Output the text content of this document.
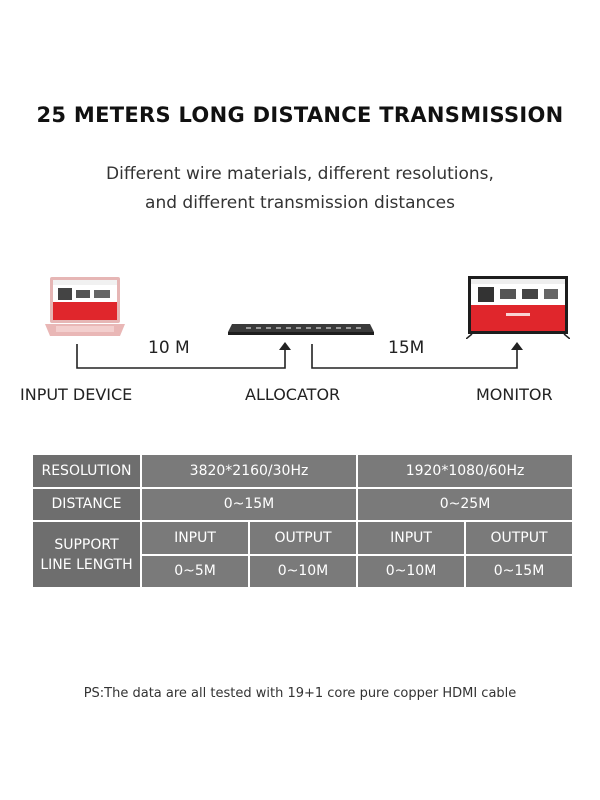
25 METERS LONG DISTANCE TRANSMISSION
Different wire materials, different resolutions,
and different transmission distances
10 M	15M
INPUT DEVICE	ALLOCATOR	MONITOR
RESOLUTION	3820*2160/30Hz		1920*1080/60Hz	
DISTANCE	0~15M		0~25M	

SUPPORT
LINE LENGTH	INPUT	OUTPUT	INPUT	OUTPUT
	0~5M	0~10M	0~10M	0~15M
PS:The data are all tested with 19+1 core pure copper HDMI cable
